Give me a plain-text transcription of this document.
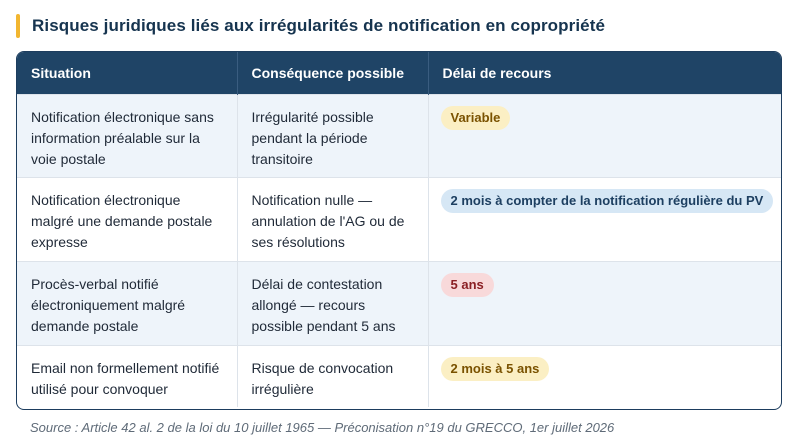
Risques juridiques liés aux irrégularités de notification en copropriété
Situation	Conséquence possible	Délai de recours
Notification électronique sans information préalable sur la voie postale	Irrégularité possible pendant la période transitoire	Variable
Notification électronique malgré une demande postale expresse	Notification nulle — annulation de l'AG ou de ses résolutions	2 mois à compter de la notification régulière du PV
Procès-verbal notifié électroniquement malgré demande postale	Délai de contestation allongé — recours possible pendant 5 ans	5 ans
Email non formellement notifié utilisé pour convoquer	Risque de convocation irrégulière	2 mois à 5 ans
Source : Article 42 al. 2 de la loi du 10 juillet 1965 — Préconisation n°19 du GRECCO, 1er juillet 2026
